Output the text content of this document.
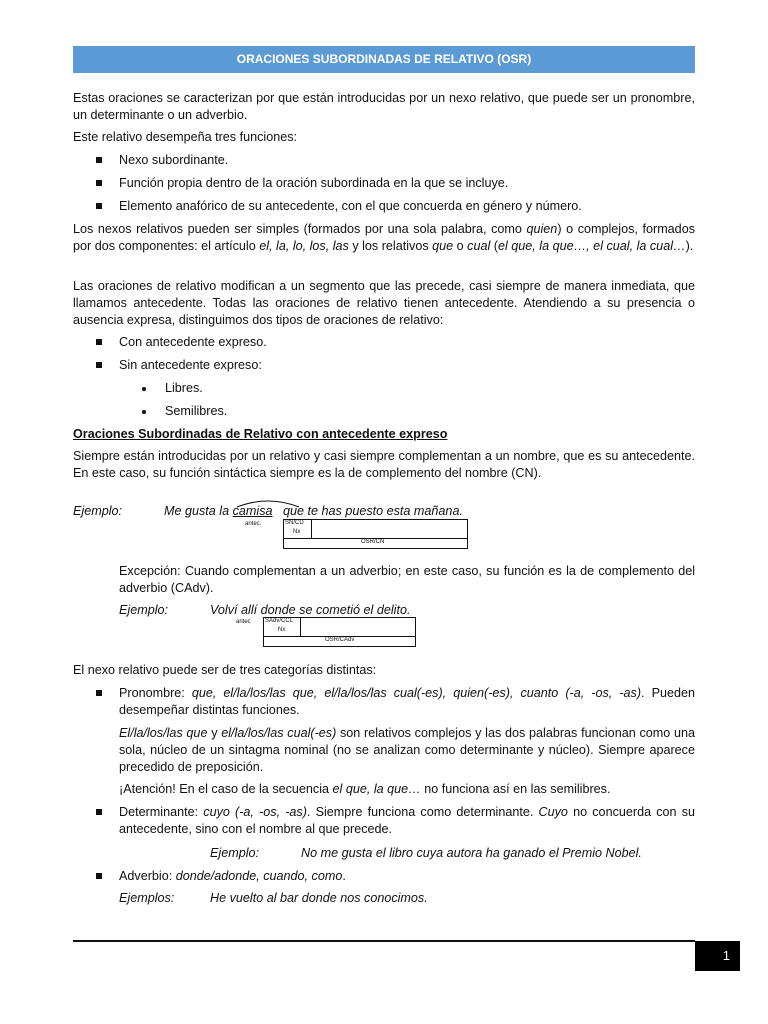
ORACIONES SUBORDINADAS DE RELATIVO (OSR)

Estas oraciones se caracterizan por que están introducidas por un nexo relativo, que puede ser un pronombre, un determinante o un adverbio.

Este relativo desempeña tres funciones:

Nexo subordinante.

Función propia dentro de la oración subordinada en la que se incluye.

Elemento anafórico de su antecedente, con el que concuerda en género y número.

Los nexos relativos pueden ser simples (formados por una sola palabra, como quien) o complejos, formados por dos componentes: el artículo el, la, lo, los, las y los relativos que o cual (el que, la que…, el cual, la cual…).

Las oraciones de relativo modifican a un segmento que las precede, casi siempre de manera inmediata, que llamamos antecedente. Todas las oraciones de relativo tienen antecedente. Atendiendo a su presencia o ausencia expresa, distinguimos dos tipos de oraciones de relativo:

Con antecedente expreso.

Sin antecedente expreso:

Libres.

Semilibres.

Oraciones Subordinadas de Relativo con antecedente expreso

Siempre están introducidas por un relativo y casi siempre complementan a un nombre, que es su antecedente. En este caso, su función sintáctica siempre es la de complemento del nombre (CN).

Ejemplo:	Me gusta la camisa que te has puesto esta mañana.
antec.	SN/CD
Nx
OSR/CN

Excepción: Cuando complementan a un adverbio; en este caso, su función es la de complemento del adverbio (CAdv).

Ejemplo:	Volví allí donde se cometió el delito.
antec SAdv/CCL
Nx
OSR/CAdv

El nexo relativo puede ser de tres categorías distintas:

Pronombre: que, el/la/los/las que, el/la/los/las cual(-es), quien(-es), cuanto (-a, -os, -as). Pueden desempeñar distintas funciones.

El/la/los/las que y el/la/los/las cual(-es) son relativos complejos y las dos palabras funcionan como una sola, núcleo de un sintagma nominal (no se analizan como determinante y núcleo). Siempre aparece precedido de preposición.

¡Atención! En el caso de la secuencia el que, la que… no funciona así en las semilibres.

Determinante: cuyo (-a, -os, -as). Siempre funciona como determinante. Cuyo no concuerda con su antecedente, sino con el nombre al que precede.

Ejemplo:	No me gusta el libro cuya autora ha ganado el Premio Nobel.

Adverbio: donde/adonde, cuando, como.

Ejemplos:	He vuelto al bar donde nos conocimos.
1
